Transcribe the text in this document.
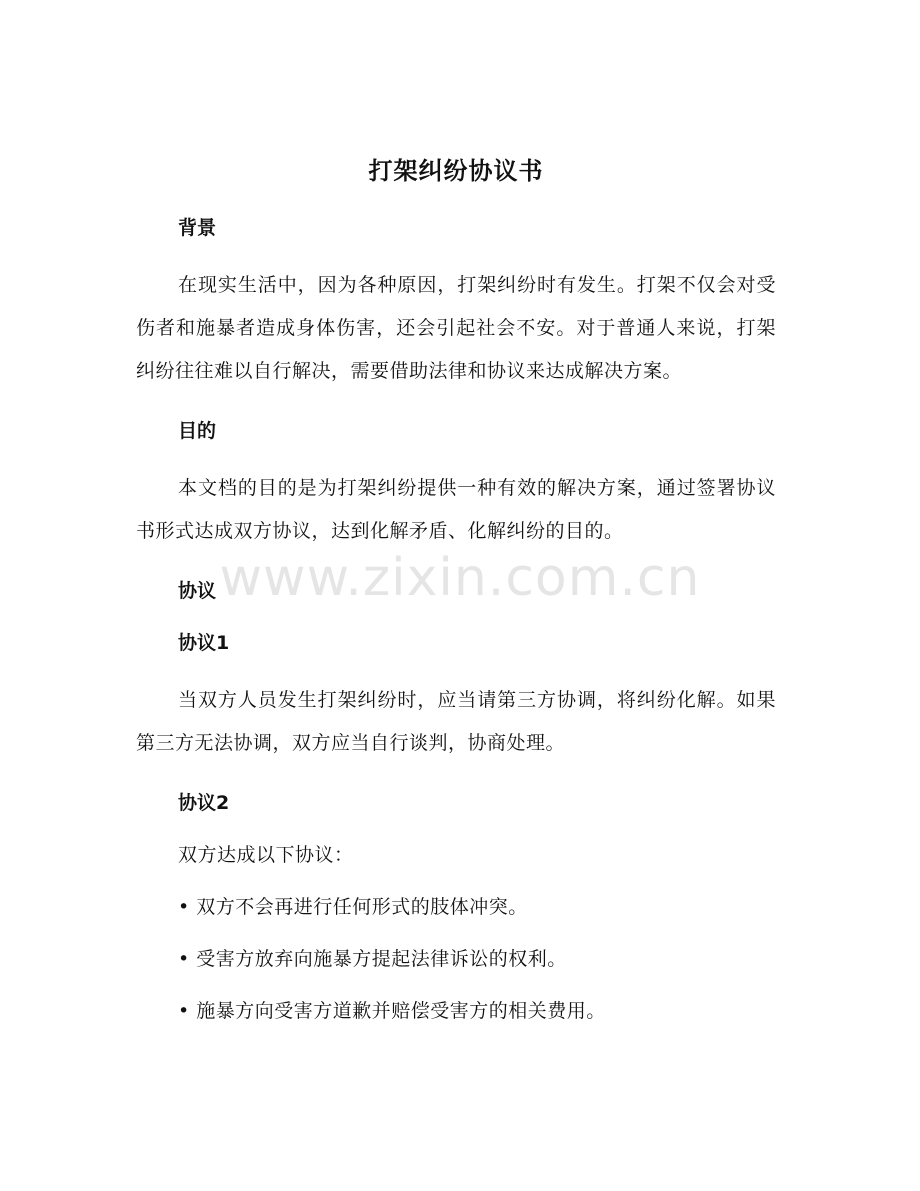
打架纠纷协议书

背景

在现实生活中，因为各种原因，打架纠纷时有发生。打架不仅会对受伤者和施暴者造成身体伤害，还会引起社会不安。对于普通人来说，打架纠纷往往难以自行解决，需要借助法律和协议来达成解决方案。

目的

本文档的目的是为打架纠纷提供一种有效的解决方案，通过签署协议书形式达成双方协议，达到化解矛盾、化解纠纷的目的。

协议

协议1

当双方人员发生打架纠纷时，应当请第三方协调，将纠纷化解。如果第三方无法协调，双方应当自行谈判，协商处理。

协议2

双方达成以下协议：

• 双方不会再进行任何形式的肢体冲突。

• 受害方放弃向施暴方提起法律诉讼的权利。

• 施暴方向受害方道歉并赔偿受害方的相关费用。

www.zixin.com.cn
